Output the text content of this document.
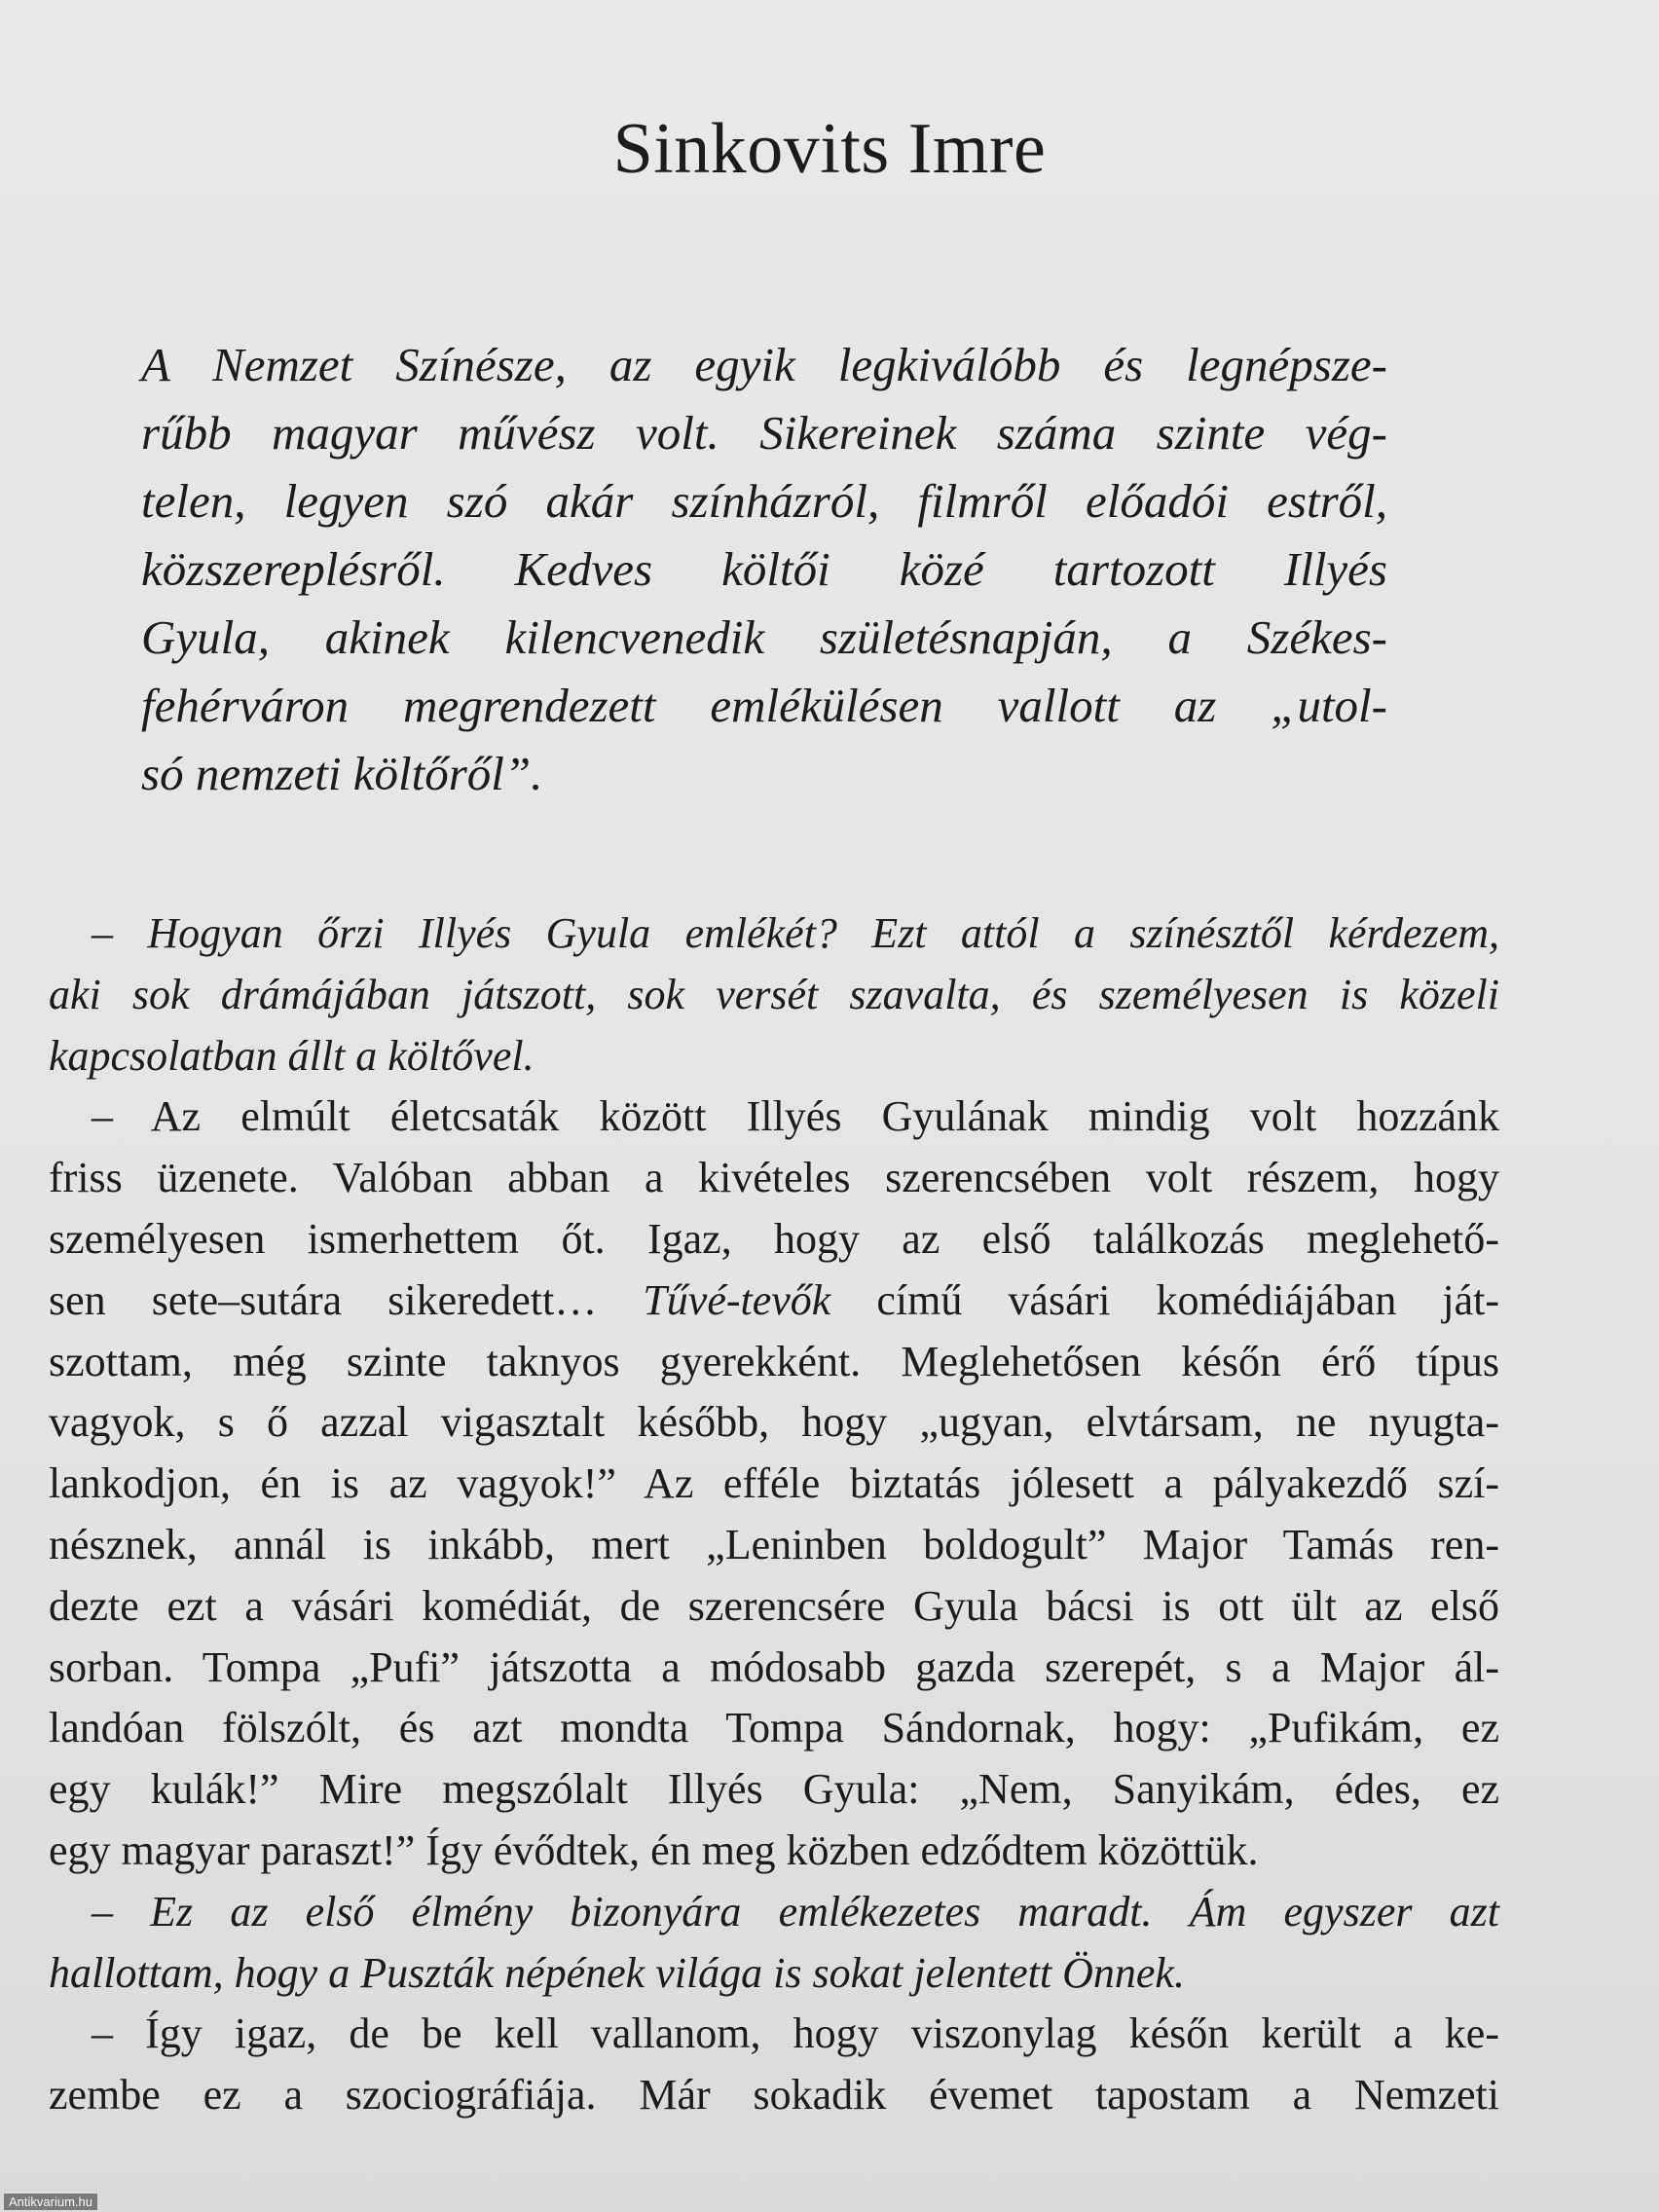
Sinkovits Imre
A Nemzet Színésze, az egyik legkiválóbb és legnépsze-
rűbb magyar művész volt. Sikereinek száma szinte vég-
telen, legyen szó akár színházról, filmről előadói estről,
közszereplésről. Kedves költői közé tartozott Illyés
Gyula, akinek kilencvenedik születésnapján, a Székes-
fehérváron megrendezett emlékülésen vallott az „utol-
só nemzeti költőről”.
– Hogyan őrzi Illyés Gyula emlékét? Ezt attól a színésztől kérdezem,
aki sok drámájában játszott, sok versét szavalta, és személyesen is közeli
kapcsolatban állt a költővel.
– Az elmúlt életcsaták között Illyés Gyulának mindig volt hozzánk
friss üzenete. Valóban abban a kivételes szerencsében volt részem, hogy
személyesen ismerhettem őt. Igaz, hogy az első találkozás meglehető-
sen sete–sutára sikeredett… Tűvé-tevők című vásári komédiájában ját-
szottam, még szinte taknyos gyerekként. Meglehetősen későn érő típus
vagyok, s ő azzal vigasztalt később, hogy „ugyan, elvtársam, ne nyugta-
lankodjon, én is az vagyok!” Az efféle biztatás jólesett a pályakezdő szí-
nésznek, annál is inkább, mert „Leninben boldogult” Major Tamás ren-
dezte ezt a vásári komédiát, de szerencsére Gyula bácsi is ott ült az első
sorban. Tompa „Pufi” játszotta a módosabb gazda szerepét, s a Major ál-
landóan fölszólt, és azt mondta Tompa Sándornak, hogy: „Pufikám, ez
egy kulák!” Mire megszólalt Illyés Gyula: „Nem, Sanyikám, édes, ez
egy magyar paraszt!” Így évődtek, én meg közben edződtem közöttük.
– Ez az első élmény bizonyára emlékezetes maradt. Ám egyszer azt
hallottam, hogy a Puszták népének világa is sokat jelentett Önnek.
– Így igaz, de be kell vallanom, hogy viszonylag későn került a ke-
zembe ez a szociográfiája. Már sokadik évemet tapostam a Nemzeti
Antikvarium.hu
